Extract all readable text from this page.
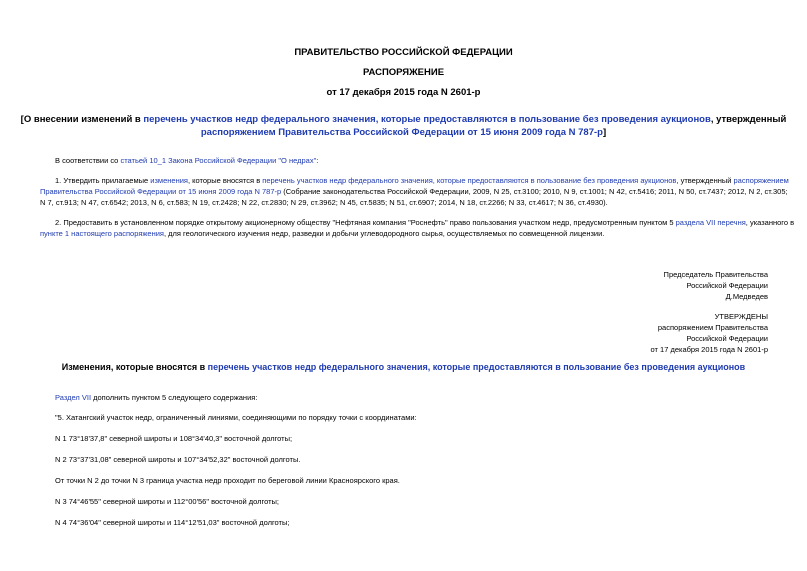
ПРАВИТЕЛЬСТВО РОССИЙСКОЙ ФЕДЕРАЦИИ
РАСПОРЯЖЕНИЕ
от 17 декабря 2015 года N 2601-р
[О внесении изменений в перечень участков недр федерального значения, которые предоставляются в пользование без проведения аукционов, утвержденный
распоряжением Правительства Российской Федерации от 15 июня 2009 года N 787-р]
В соответствии со статьей 10_1 Закона Российской Федерации "О недрах":
1. Утвердить прилагаемые изменения, которые вносятся в перечень участков недр федерального значения, которые предоставляются в пользование без проведения аукционов, утвержденный распоряжением
Правительства Российской Федерации от 15 июня 2009 года N 787-р (Собрание законодательства Российской Федерации, 2009, N 25, ст.3100; 2010, N 9, ст.1001; N 42, ст.5416; 2011, N 50, ст.7437; 2012, N 2, ст.305;
N 7, ст.913; N 47, ст.6542; 2013, N 6, ст.583; N 19, ст.2428; N 22, ст.2830; N 29, ст.3962; N 45, ст.5835; N 51, ст.6907; 2014, N 18, ст.2266; N 33, ст.4617; N 36, ст.4930).
2. Предоставить в установленном порядке открытому акционерному обществу "Нефтяная компания "Роснефть" право пользования участком недр, предусмотренным пунктом 5 раздела VII перечня, указанного в
пункте 1 настоящего распоряжения, для геологического изучения недр, разведки и добычи углеводородного сырья, осуществляемых по совмещенной лицензии.
Председатель Правительства
Российской Федерации
Д.Медведев
УТВЕРЖДЕНЫ
распоряжением Правительства
Российской Федерации
от 17 декабря 2015 года N 2601-р
Изменения, которые вносятся в перечень участков недр федерального значения, которые предоставляются в пользование без проведения аукционов
Раздел VII дополнить пунктом 5 следующего содержания:
"5. Хатангский участок недр, ограниченный линиями, соединяющими по порядку точки с координатами:
N 1 73°18'37,8" северной широты и 108°34'40,3" восточной долготы;
N 2 73°37'31,08" северной широты и 107°34'52,32" восточной долготы.
От точки N 2 до точки N 3 граница участка недр проходит по береговой линии Красноярского края.
N 3 74°46'55" северной широты и 112°00'56" восточной долготы;
N 4 74°36'04" северной широты и 114°12'51,03" восточной долготы;
